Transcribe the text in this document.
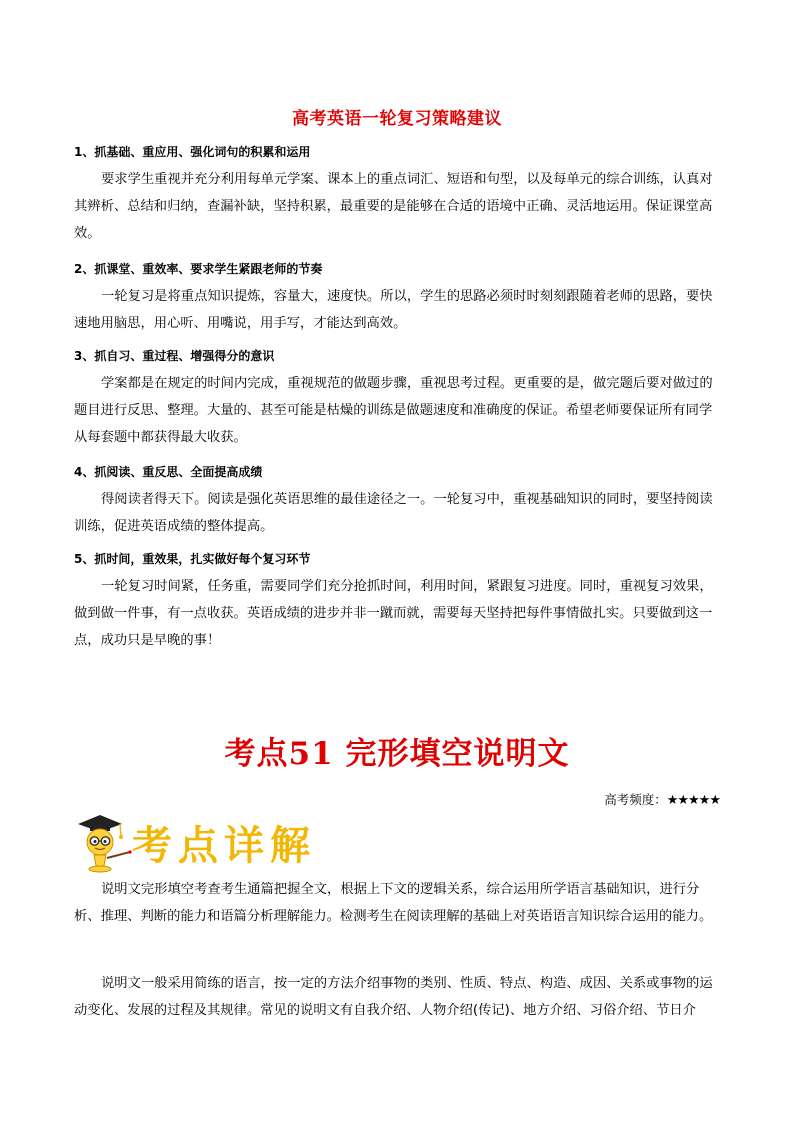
高考英语一轮复习策略建议

1、抓基础、重应用、强化词句的积累和运用

要求学生重视并充分利用每单元学案、课本上的重点词汇、短语和句型，以及每单元的综合训练，认真对其辨析、总结和归纳，查漏补缺，坚持积累，最重要的是能够在合适的语境中正确、灵活地运用。保证课堂高效。

2、抓课堂、重效率、要求学生紧跟老师的节奏

一轮复习是将重点知识提炼，容量大，速度快。所以，学生的思路必须时时刻刻跟随着老师的思路，要快速地用脑思，用心听、用嘴说，用手写，才能达到高效。

3、抓自习、重过程、增强得分的意识

学案都是在规定的时间内完成，重视规范的做题步骤，重视思考过程。更重要的是，做完题后要对做过的题目进行反思、整理。大量的、甚至可能是枯燥的训练是做题速度和准确度的保证。希望老师要保证所有同学从每套题中都获得最大收获。

4、抓阅读、重反思、全面提高成绩

得阅读者得天下。阅读是强化英语思维的最佳途径之一。一轮复习中，重视基础知识的同时，要坚持阅读训练，促进英语成绩的整体提高。

5、抓时间，重效果，扎实做好每个复习环节

一轮复习时间紧，任务重，需要同学们充分抢抓时间，利用时间，紧跟复习进度。同时，重视复习效果，做到做一件事，有一点收获。英语成绩的进步并非一蹴而就，需要每天坚持把每件事情做扎实。只要做到这一点，成功只是早晚的事！

考点51 完形填空说明文
高考频度：★★★★★
考点详解

说明文完形填空考查考生通篇把握全文，根据上下文的逻辑关系，综合运用所学语言基础知识，进行分析、推理、判断的能力和语篇分析理解能力。检测考生在阅读理解的基础上对英语语言知识综合运用的能力。

说明文一般采用简练的语言，按一定的方法介绍事物的类别、性质、特点、构造、成因、关系或事物的运动变化、发展的过程及其规律。常见的说明文有自我介绍、人物介绍(传记)、地方介绍、习俗介绍、节日介
